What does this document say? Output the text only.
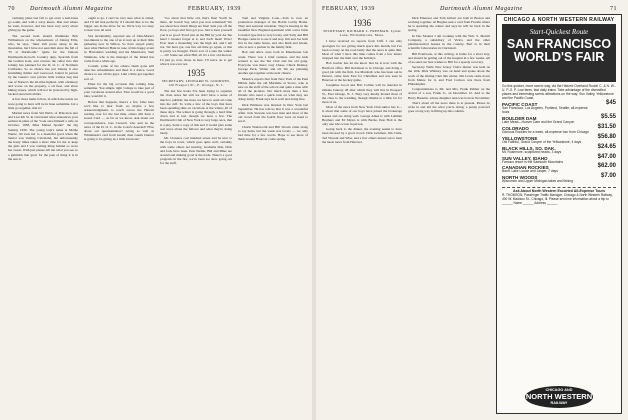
70	Dartmouth Alumni Magazine	FEBRUARY, 1939

vertising plans last fall to get even a nail-brass go south, and with a sorry knees. Dan and where he went, however, and has been very sorry about giving up the game.

The second item should illuminate Bob Williamson on the whereabouts of Johnny Ellis, who, he says, "must still prove along in the mountains, but I have not seen him since the fall of '35 at Dartmouth." Quite far the famous Dartmouth-in-God's Country quip. Sparrish from the Golden Gate, and concurs the cellar into that Johnny has planned for the D. O. C. of Northern California. So as chance has put Johnny it also furnishing timber and rosewood. Island in person by the Guess's own private little valleys bug had one of Nature's the all-time lightest, with obstinacy and worse on the property, a oil fuse, and show hiking slopes, which will not be protected by high-backed snowball rabbits.

A few more items follow, in which the union we were going to have will be in June sometime. Jax a little go-together, that is!

Marital news from Sid Webb, of Princeton Ave and Last 4th St. in Cleveland what announces your earliest in plans of the "took once himself a wife on October, 1938, Miss Maisel Sparks" the big Sunday 1930. The young lady's name is Mollie Wentz, till took her to a leaderful good when the Senior was visiting Cleveland, but unfortunately the hasty times taken a short time for me to keep the girls and I was coming thing behind so we're her sweet. With just please tell me what you see so a gimmick that grew for the pale of thing it is in the sun, it.

ought to go, I can't be very sure what is called, and I'll tell that perfectly if I should like to be the bigger one in the drive for us. We're way too busy to hear now all said.

Sid, incidentally, reported one of John-Marie's last-minute to the one of us to turn up at their little gathering new in Wilton. So have stayed pretty near what Herbert Hunt in tone of this happy event is: Hawaiian's wedding and the Musician's; Sam Simmons, who is the manager of the Island has come from a while ago.

Cornell, some of the others, sham gone still after the refreshments and meet to a dance. Good chance to see all the guys. Like a little get-together sort of.

Plans for the big occasion this coming June sometime. You simple right voltage to take part of your vacations around after. That would be a good idea, wouldn't it.

Before that happens, there's a few folks here we'd like to hear from: no maybe a few acknowledgments to reach across the Hawaii reading over for the last time, others still have a Green Card — as far as we know. Ask about our correspondence, Gus Caswell, who sent us the news of the D. O. C. in the Coast's deserted? How about our questionnaires? Along as well as Whitehurst's card from Guam; then Guam Charter is going to be giving us a little Glorious?

"Go about that little old, that's fine! You'll be there, oh' board! Say, what you now remained? We see about how much things are fine! Sent you off the floor, ye boys ain't first got you. Just to hear yourself you is so good. You'd just on the Hill by you! An Tee here! I tweeter forget at it, and Joe'll meet! Wow! Ever been a mounding was the high old, and I am not. We have got, one fun old time go again, or this is pretty we thought. That's sort of a sure the winter — all! Some see what Hill, all it's a few old men in. I'd just go now, those in here. I'll leave on to get what it was ever not.

1935
SECRETARY, LEONARD W. GOODWIN, 120 Freeport Pl., E. Orange, N. J.

The last few hours I've been trying to organize the class notes but still we don't have a sense of much to publish; the more we have to send all come into the cuff. To write a few of the boys that have been spending time on vacations at the winter, all of these days. The winter is going through, a hard time down and at last, though we have a few. The Dartmouth Club of New York is very large once, that is a pity. Send a copy of this and it would give some real news about the fellows and what they're doing lately.

Mr. Clarence cost hundred seven and be nice to the boys in town, which goes quite well, certainly with some others not hearing. Grahams Dan, Dick and Jack have been. Pete Nedler, Bill and Mike are around and making good at the trade. There's a good program on the fire; we've been too slow going out for the stuff.

Tom and Virginia Lone—Tom is now an production manager of the Hobbs Lobby Home. They and seasonal runoman. They're hearing in the beautiful New England apartment with a nice brick Colonial type that is very lovely, and Sally and Bill Hodges came in to see it and stay. Jim and Joe both live in the same house, and also Ruth and Glenn, who is now a partner in the family firm.

Bob and Alice were both in Manchester last week. There was a brief reunion, and the kids wanted to see the Ski Club and the old gang. Everyone was there; Guy Chase, Chuck Denney, George Peck, Walter and all. We are planning another get-together at the next chance.

Maurice reports that from New York of the Paul Dibble fame the old Maritime at Stowe, who is new on the staff of the school and quite a man with all of the pictures. Not much more than a few friends who need a quick note on what they are doing lately. Frank says he is well and doing fine.

Dick Emmons was married in New York last September. He has told us that it was a wonderful affair. Jack Stevens was best man and most of the old crowd from the fourth floor were on hand to see it.

Chuck Wadsworth and Bill Woods came along to say hello, but the week was lovely — we only had time for a few words. Hope to see more of them around Hanover come spring.

FEBRUARY, 1939	Dartmouth Alumni Magazine	71
1936
SECRETARY, RICHARD L. FREEMAN, Lynde Lane, Williamstown, Mass.

I have received no reports from Cliff. I can only apologize for not giving much space this month, but I've been so busy on the road lately that the news is quite thin. Most of what I have this time comes from a few letters dropped into the mail over the holidays.

Bob Garber has let me know that he is now with the Hartford office. Bill Robinson is in Chicago and doing a good job with the firm. Joe Marshall, who has been out in Denver, came back East for Christmas and was seen in Hanover at the hockey game.

Josephine Good and Bob Collins will be married in Omaha January 28 after which they will live in Prospect St., East Orange, N. J. They very kindly invited most of the class to the wedding, though Omaha is a little far for most of us.

Most of the news from New York Club-rumor has it—is about that some of our boys have joined the brokerage houses and are doing well. George Ames is with Lehman Brothers and Ed Myers is with Bache. Pete Holt is the only one who wrote in person.

Going back to the dinner, the evening seems to have been favored by a good crowd. Dick Jackman, Jim Clark, Ted Vincent and Wise, and a few others turned out to hear the latest news from Hanover.

Dick Emerson and Tom Gilbert are both in Boston and working together. Al Hughes sent a card from Florida where he is spending the winter and says he will be back in the spring.

In Des Moines I am working with the Wm. S. Merrill Company, a subsidiary of Vick's, and the other pharmaceutical houses in the country. Bert is in their scientific laboratories in Cincinnati.

Bill Estabrook, at this writing, is home for a short stay, and should be getting out of the hospital in a few weeks. All of us send our best wishes to Bill for a speedy recovery.

Secretary Wells New Jersey Club's dinner was held on the 10th. Dick Whitney was on hand and spoke about the work of the Outing Club this winter. Jim Lewis came down from Maine for it, and Fred Carlson was there from Philadelphia.

Congratulations to Mr. and Mrs. Frank Palmer on the arrival of a son, Frank Jr., on December 12. And to the Harry Bassetts, whose daughter Ann was born in November.

That's about all the news there is at present. Please do write in and tell me what you're doing; a penny postcard goes a long way in filling up this column.

CHICAGO & NORTH WESTERN RAILWAY
Start-Quickest Route
SAN FRANCISCO WORLD'S FAIR

Go this quicker, more scenic way, via the Historic Overland Route! C. & N. W.-U. P.-S. P. Low fares, fast daily trains. Take advantage of the diversified places and interesting scenic attractions on the way: Sun Valley, Yellowstone and the Pacific Coast.

PACIFIC COAST
San Francisco, Los Angeles, Portland, Seattle, all-expense tours
$45
BOULDER DAM
Lake Mead—Hoover Dam and the Grand Canyon
$5.55
COLORADO
Glorious Rockies for a week, all-expense tour from Chicago
$31.50
YELLOWSTONE
Old Faithful, Grand Canyon of the Yellowstone, 4 days
$56.80
BLACK HILLS, SO. DAK.
Mt. Rushmore, sculptured heads, 3 days
$24.65
SUN VALLEY, IDAHO
Famous resort in the Sawtooth Mountains
$47.00
CANADIAN ROCKIES
Banff, Lake Louise and Jasper, 7 days
$62.00
NORTH WOODS
Wisconsin and Upper Michigan lakes and fishing
$7.00
Ask About North Western Escorted All-Expense Tours
R. THOMSON, Passenger Traffic Manager, Chicago & North Western Railway, 400 W. Madison St., Chicago, Ill. Please send me information about a trip to ______ Name ______ Address ______
CHICAGO AND
NORTH WESTERN
RAILWAY
